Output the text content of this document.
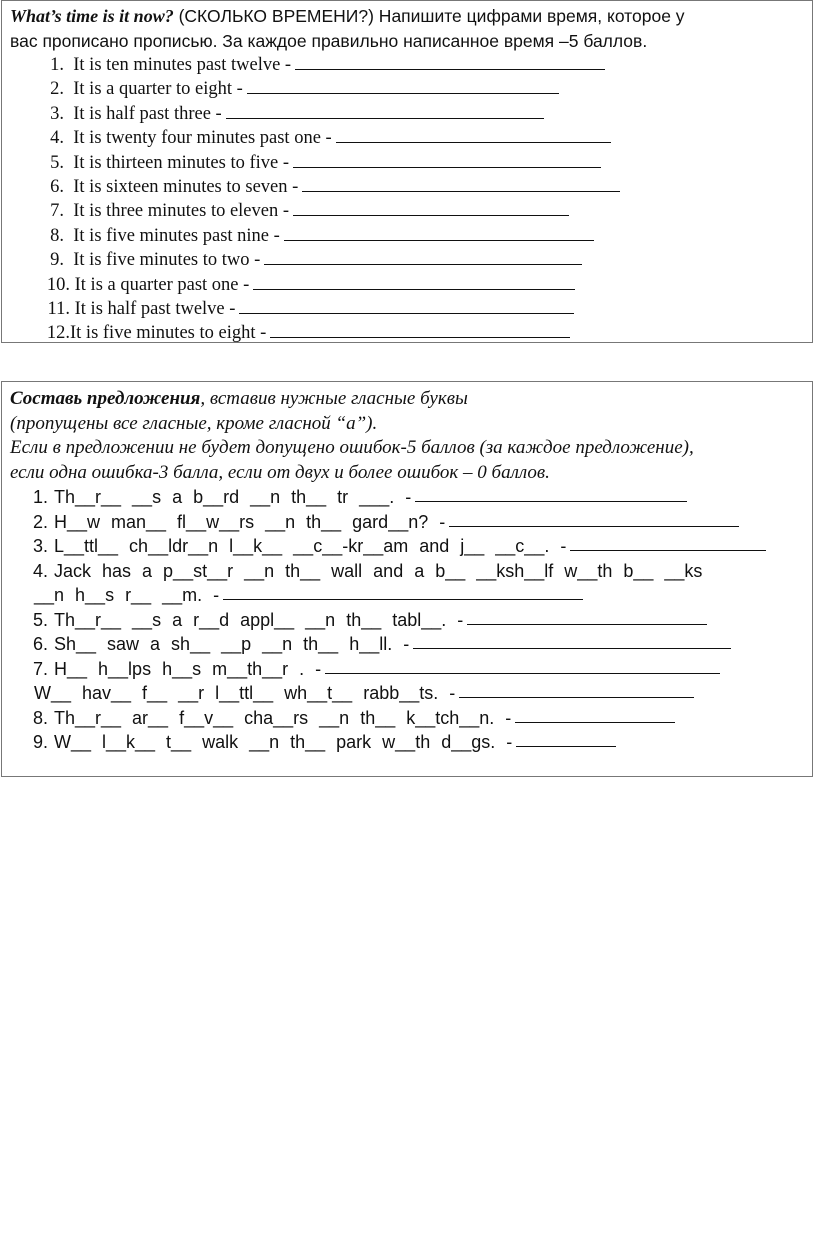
What’s time is it now? (СКОЛЬКО ВРЕМЕНИ?) Напишите цифрами время, которое у
вас прописано прописью. За каждое правильно написанное время –5 баллов.
1.
It is ten minutes past twelve -
2.
It is a quarter to eight -
3.
It is half past three -
4.
It is twenty four minutes past one -
5.
It is thirteen minutes to five -
6.
It is sixteen minutes to seven -
7.
It is three minutes to eleven -
8.
It is five minutes past nine -
9.
It is five minutes to two -
10.
It is a quarter past one -
11.
It is half past twelve -
12. It is five minutes to eight -
Составь предложения, вставив нужные гласные буквы
(пропущены все гласные, кроме гласной “а”).
Если в предложении не будет допущено ошибок-5 баллов (за каждое предложение),
если одна ошибка-3 балла, если от двух и более ошибок – 0 баллов.
1. Th__r__ __s a b__rd __n th__ tr ___. -
2. H__w man__ fl__w__rs __n th__ gard__n? -
3. L__ttl__ ch__ldr__n l__k__ __c__-kr__am and j__ __c__. -
4. Jack has a p__st__r __n th__ wall and a b__ __ksh__lf w__th b__ __ks
__n h__s r__ __m. -
5. Th__r__ __s a r__d appl__ __n th__ tabl__. -
6. Sh__ saw a sh__ __p __n th__ h__ll. -
7. H__ h__lps h__s m__th__r . -
W__ hav__ f__ __r l__ttl__ wh__t__ rabb__ts. -
8. Th__r__ ar__ f__v__ cha__rs __n th__ k__tch__n. -
9. W__ l__k__ t__ walk __n th__ park w__th d__gs. -
